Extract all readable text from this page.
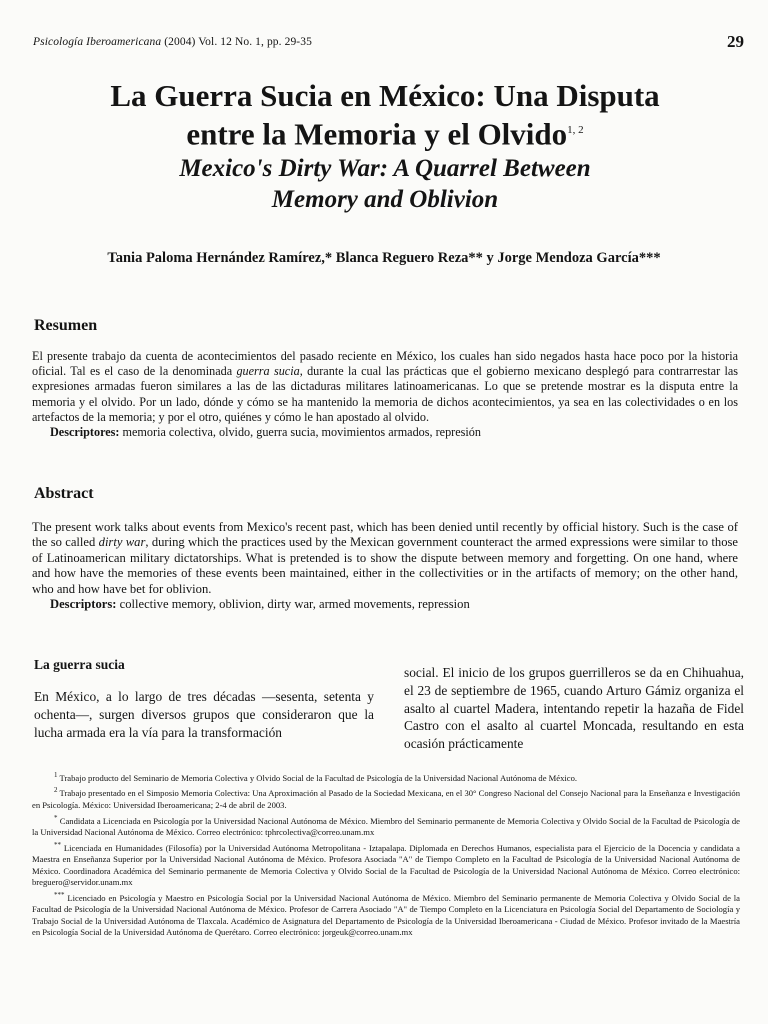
Psicología Iberoamericana (2004) Vol. 12 No. 1, pp. 29-35	29

La Guerra Sucia en México: Una Disputa
entre la Memoria y el Olvido$^{1, 2}$

Mexico's Dirty War: A Quarrel Between
Memory and Oblivion

Tania Paloma Hernández Ramírez,* Blanca Reguero Reza** y Jorge Mendoza García***
Resumen

El presente trabajo da cuenta de acontecimientos del pasado reciente en México, los cuales han sido negados hasta hace poco por la historia oficial. Tal es el caso de la denominada guerra sucia, durante la cual las prácticas que el gobierno mexicano desplegó para contrarrestar las expresiones armadas fueron similares a las de las dictaduras militares latinoamericanas. Lo que se pretende mostrar es la disputa entre la memoria y el olvido. Por un lado, dónde y cómo se ha mantenido la memoria de dichos acontecimientos, ya sea en las colectividades o en los artefactos de la memoria; y por el otro, quiénes y cómo le han apostado al olvido.

Descriptores: memoria colectiva, olvido, guerra sucia, movimientos armados, represión

Abstract

The present work talks about events from Mexico's recent past, which has been denied until recently by official history. Such is the case of the so called dirty war, during which the practices used by the Mexican government counteract the armed expressions were similar to those of Latinoamerican military dictatorships. What is pretended is to show the dispute between memory and forgetting. On one hand, where and how have the memories of these events been maintained, either in the collectivities or in the artifacts of memory; on the other hand, who and how have bet for oblivion.

Descriptors: collective memory, oblivion, dirty war, armed movements, repression

La guerra sucia

En México, a lo largo de tres décadas —sesenta, setenta y ochenta—, surgen diversos grupos que consideraron que la lucha armada era la vía para la transformación

social. El inicio de los grupos guerrilleros se da en Chihuahua, el 23 de septiembre de 1965, cuando Arturo Gámiz organiza el asalto al cuartel Madera, intentando repetir la hazaña de Fidel Castro con el asalto al cuartel Moncada, resultando en esta ocasión prácticamente

$^1$ Trabajo producto del Seminario de Memoria Colectiva y Olvido Social de la Facultad de Psicología de la Universidad Nacional Autónoma de México.

$^2$ Trabajo presentado en el Simposio Memoria Colectiva: Una Aproximación al Pasado de la Sociedad Mexicana, en el 30° Congreso Nacional del Consejo Nacional para la Enseñanza e Investigación en Psicología. México: Universidad Iberoamericana; 2-4 de abril de 2003.

* Candidata a Licenciada en Psicología por la Universidad Nacional Autónoma de México. Miembro del Seminario permanente de Memoria Colectiva y Olvido Social de la Facultad de Psicología de la Universidad Nacional Autónoma de México. Correo electrónico: tphrcolectiva@correo.unam.mx

** Licenciada en Humanidades (Filosofía) por la Universidad Autónoma Metropolitana - Iztapalapa. Diplomada en Derechos Humanos, especialista para el Ejercicio de la Docencia y candidata a Maestra en Enseñanza Superior por la Universidad Nacional Autónoma de México. Profesora Asociada "A" de Tiempo Completo en la Facultad de Psicología de la Universidad Nacional Autónoma de México. Coordinadora Académica del Seminario permanente de Memoria Colectiva y Olvido Social de la Facultad de Psicología de la Universidad Nacional Autónoma de México. Correo electrónico: breguero@servidor.unam.mx

*** Licenciado en Psicología y Maestro en Psicología Social por la Universidad Nacional Autónoma de México. Miembro del Seminario permanente de Memoria Colectiva y Olvido Social de la Facultad de Psicología de la Universidad Nacional Autónoma de México. Profesor de Carrera Asociado "A" de Tiempo Completo en la Licenciatura en Psicología Social del Departamento de Sociología y Trabajo Social de la Universidad Autónoma de Tlaxcala. Académico de Asignatura del Departamento de Psicología de la Universidad Iberoamericana - Ciudad de México. Profesor invitado de la Maestría en Psicología Social de la Universidad Autónoma de Querétaro. Correo electrónico: jorgeuk@correo.unam.mx
